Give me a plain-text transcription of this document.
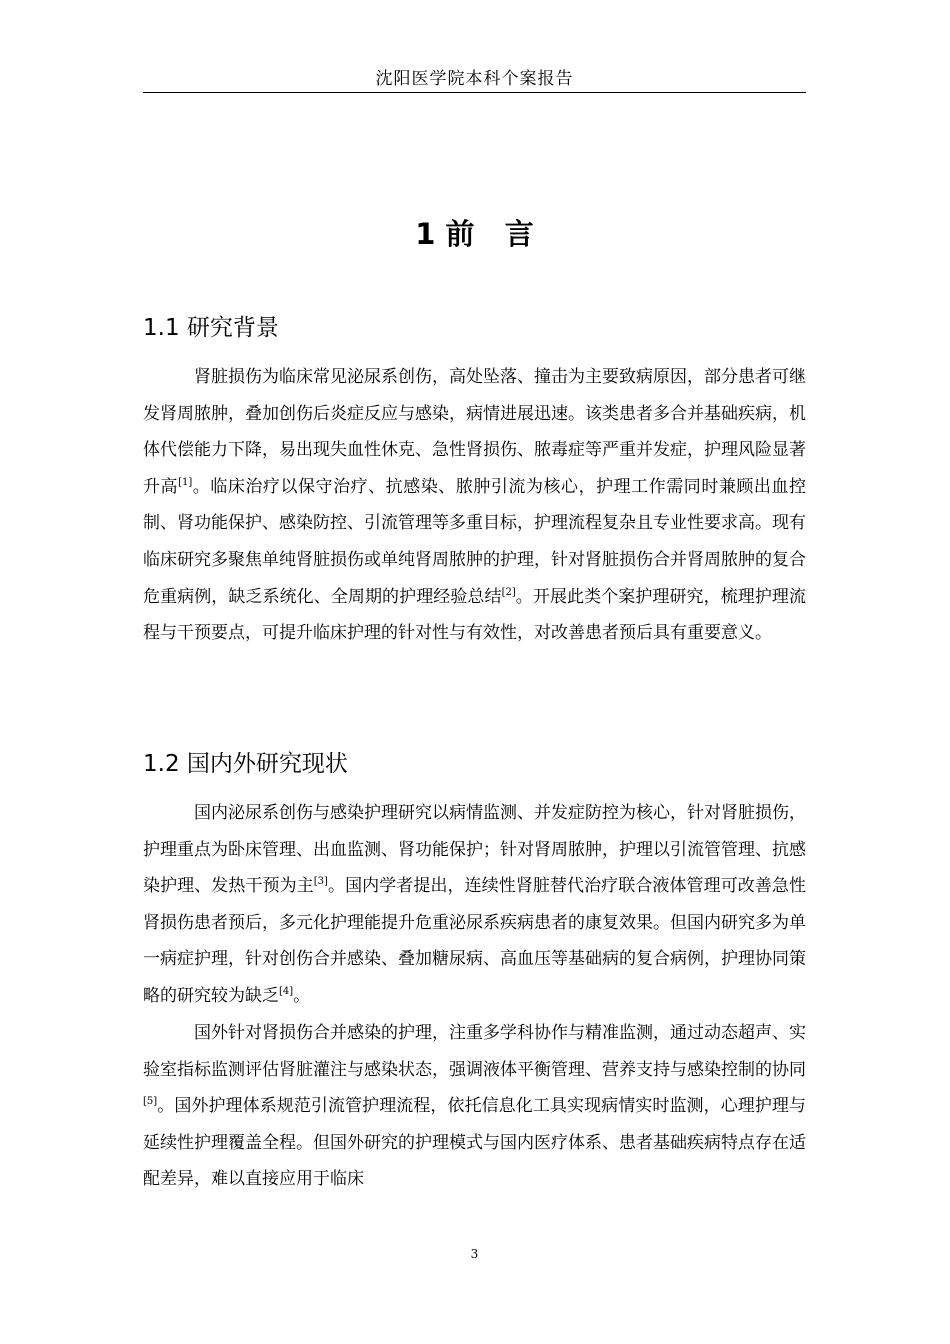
沈阳医学院本科个案报告
1 前   言
1.1 研究背景
肾脏损伤为临床常见泌尿系创伤，高处坠落、撞击为主要致病原因，部分患者可继发肾周脓肿，叠加创伤后炎症反应与感染，病情进展迅速。该类患者多合并基础疾病，机体代偿能力下降，易出现失血性休克、急性肾损伤、脓毒症等严重并发症，护理风险显著升高[1]。临床治疗以保守治疗、抗感染、脓肿引流为核心，护理工作需同时兼顾出血控制、肾功能保护、感染防控、引流管理等多重目标，护理流程复杂且专业性要求高。现有临床研究多聚焦单纯肾脏损伤或单纯肾周脓肿的护理，针对肾脏损伤合并肾周脓肿的复合危重病例，缺乏系统化、全周期的护理经验总结[2]。开展此类个案护理研究，梳理护理流程与干预要点，可提升临床护理的针对性与有效性，对改善患者预后具有重要意义。
1.2 国内外研究现状
国内泌尿系创伤与感染护理研究以病情监测、并发症防控为核心，针对肾脏损伤，护理重点为卧床管理、出血监测、肾功能保护；针对肾周脓肿，护理以引流管管理、抗感染护理、发热干预为主[3]。国内学者提出，连续性肾脏替代治疗联合液体管理可改善急性肾损伤患者预后，多元化护理能提升危重泌尿系疾病患者的康复效果。但国内研究多为单一病症护理，针对创伤合并感染、叠加糖尿病、高血压等基础病的复合病例，护理协同策略的研究较为缺乏[4]。
国外针对肾损伤合并感染的护理，注重多学科协作与精准监测，通过动态超声、实验室指标监测评估肾脏灌注与感染状态，强调液体平衡管理、营养支持与感染控制的协同[5]。国外护理体系规范引流管护理流程，依托信息化工具实现病情实时监测，心理护理与延续性护理覆盖全程。但国外研究的护理模式与国内医疗体系、患者基础疾病特点存在适配差异，难以直接应用于临床
3
